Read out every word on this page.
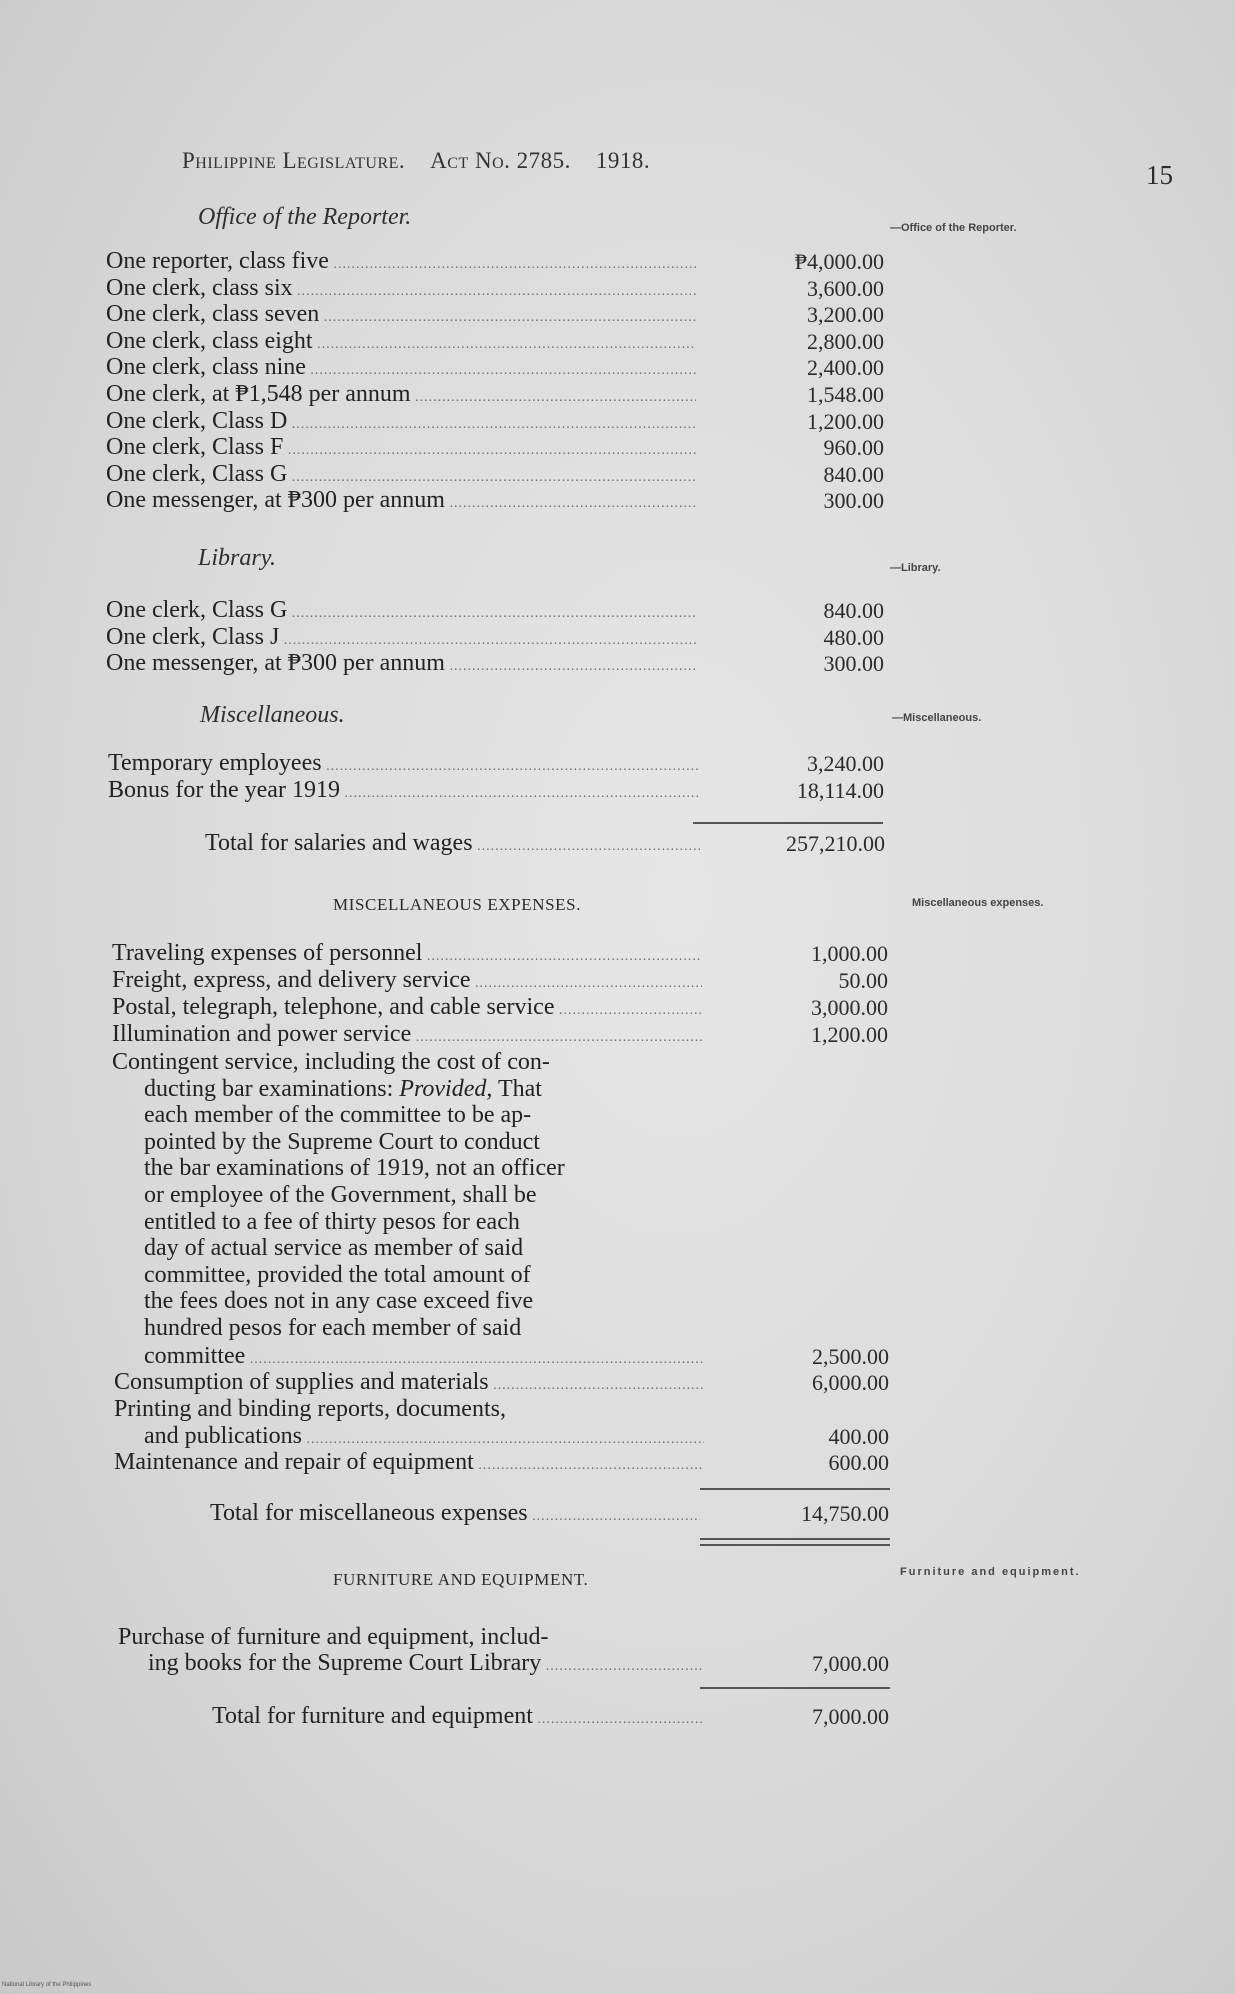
Philippine Legislature. Act No. 2785. 1918.	15
Office of the Reporter.	—Office of the Reporter.
One reporter, class five .....	₱4,000.00
One clerk, class six .....	3,600.00
One clerk, class seven .....	3,200.00
One clerk, class eight .....	2,800.00
One clerk, class nine .....	2,400.00
One clerk, at ₱1,548 per annum .....	1,548.00
One clerk, Class D .....	1,200.00
One clerk, Class F .....	960.00
One clerk, Class G .....	840.00
One messenger, at ₱300 per annum .....	300.00
Library.	—Library.
One clerk, Class G .....	840.00
One clerk, Class J .....	480.00
One messenger, at ₱300 per annum .....	300.00
Miscellaneous.	—Miscellaneous.
Temporary employees .....	3,240.00
Bonus for the year 1919 .....	18,114.00
Total for salaries and wages .....	257,210.00
MISCELLANEOUS EXPENSES.	Miscellaneous expenses.
Traveling expenses of personnel .....	1,000.00
Freight, express, and delivery service .....	50.00
Postal, telegraph, telephone, and cable service .....	3,000.00
Illumination and power service .....	1,200.00
Contingent service, including the cost of con-
ducting bar examinations: Provided, That
each member of the committee to be ap-
pointed by the Supreme Court to conduct
the bar examinations of 1919, not an officer
or employee of the Government, shall be
entitled to a fee of thirty pesos for each
day of actual service as member of said
committee, provided the total amount of
the fees does not in any case exceed five
hundred pesos for each member of said
committee .....	2,500.00
Consumption of supplies and materials .....	6,000.00
Printing and binding reports, documents,
and publications .....	400.00
Maintenance and repair of equipment .....	600.00
Total for miscellaneous expenses .....	14,750.00
FURNITURE AND EQUIPMENT.	Furniture and equipment.
Purchase of furniture and equipment, includ-
ing books for the Supreme Court Library .....	7,000.00
Total for furniture and equipment .....	7,000.00
National Library of the Philippines
